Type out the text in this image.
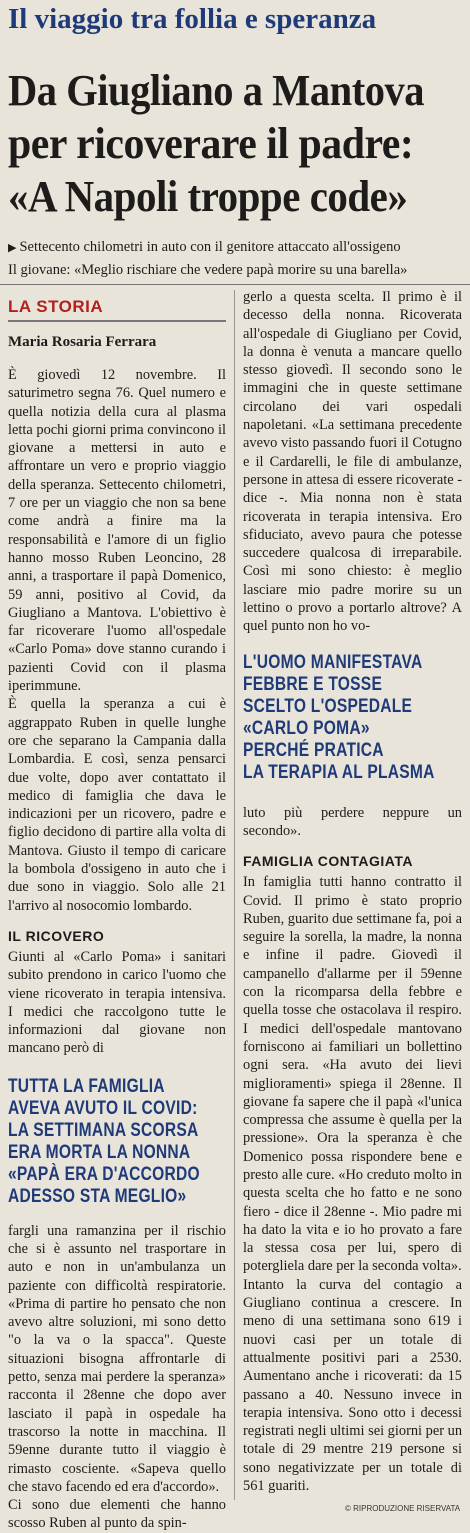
Il viaggio tra follia e speranza
Da Giugliano a Mantova
per ricoverare il padre:
«A Napoli troppe code»
▶ Settecento chilometri in auto con il genitore attaccato all'ossigeno
Il giovane: «Meglio rischiare che vedere papà morire su una barella»
LA STORIA
Maria Rosaria Ferrara

È giovedì 12 novembre. Il saturimetro segna 76. Quel numero e quella notizia della cura al plasma letta pochi giorni prima convincono il giovane a mettersi in auto e affrontare un vero e proprio viaggio della speranza. Settecento chilometri, 7 ore per un viaggio che non sa bene come andrà a finire ma la responsabilità e l'amore di un figlio hanno mosso Ruben Leoncino, 28 anni, a trasportare il papà Domenico, 59 anni, positivo al Covid, da Giugliano a Mantova. L'obiettivo è far ricoverare l'uomo all'ospedale «Carlo Poma» dove stanno curando i pazienti Covid con il plasma iperimmune.

È quella la speranza a cui è aggrappato Ruben in quelle lunghe ore che separano la Campania dalla Lombardia. E così, senza pensarci due volte, dopo aver contattato il medico di famiglia che dava le indicazioni per un ricovero, padre e figlio decidono di partire alla volta di Mantova. Giusto il tempo di caricare la bombola d'ossigeno in auto che i due sono in viaggio. Solo alle 21 l'arrivo al nosocomio lombardo.

IL RICOVERO

Giunti al «Carlo Poma» i sanitari subito prendono in carico l'uomo che viene ricoverato in terapia intensiva. I medici che raccolgono tutte le informazioni dal giovane non mancano però di

TUTTA LA FAMIGLIA
AVEVA AVUTO IL COVID:
LA SETTIMANA SCORSA
ERA MORTA LA NONNA
«PAPÀ ERA D'ACCORDO
ADESSO STA MEGLIO»

fargli una ramanzina per il rischio che si è assunto nel trasportare in auto e non in un'ambulanza un paziente con difficoltà respiratorie. «Prima di partire ho pensato che non avevo altre soluzioni, mi sono detto "o la va o la spacca". Queste situazioni bisogna affrontarle di petto, senza mai perdere la speranza» racconta il 28enne che dopo aver lasciato il papà in ospedale ha trascorso la notte in macchina. Il 59enne durante tutto il viaggio è rimasto cosciente. «Sapeva quello che stavo facendo ed era d'accordo».

Ci sono due elementi che hanno scosso Ruben al punto da spin-

gerlo a questa scelta. Il primo è il decesso della nonna. Ricoverata all'ospedale di Giugliano per Covid, la donna è venuta a mancare quello stesso giovedì. Il secondo sono le immagini che in queste settimane circolano dei vari ospedali napoletani. «La settimana precedente avevo visto passando fuori il Cotugno e il Cardarelli, le file di ambulanze, persone in attesa di essere ricoverate - dice -. Mia nonna non è stata ricoverata in terapia intensiva. Ero sfiduciato, avevo paura che potesse succedere qualcosa di irreparabile. Così mi sono chiesto: è meglio lasciare mio padre morire su un lettino o provo a portarlo altrove? A quel punto non ho vo-

L'UOMO MANIFESTAVA
FEBBRE E TOSSE
SCELTO L'OSPEDALE
«CARLO POMA»
PERCHÉ PRATICA
LA TERAPIA AL PLASMA

luto più perdere neppure un secondo».

FAMIGLIA CONTAGIATA

In famiglia tutti hanno contratto il Covid. Il primo è stato proprio Ruben, guarito due settimane fa, poi a seguire la sorella, la madre, la nonna e infine il padre. Giovedì il campanello d'allarme per il 59enne con la ricomparsa della febbre e quella tosse che ostacolava il respiro. I medici dell'ospedale mantovano forniscono ai familiari un bollettino ogni sera. «Ha avuto dei lievi miglioramenti» spiega il 28enne. Il giovane fa sapere che il papà «l'unica compressa che assume è quella per la pressione». Ora la speranza è che Domenico possa rispondere bene e presto alle cure. «Ho creduto molto in questa scelta che ho fatto e ne sono fiero - dice il 28enne -. Mio padre mi ha dato la vita e io ho provato a fare la stessa cosa per lui, spero di potergliela dare per la seconda volta».

Intanto la curva del contagio a Giugliano continua a crescere. In meno di una settimana sono 619 i nuovi casi per un totale di attualmente positivi pari a 2530. Aumentano anche i ricoverati: da 15 passano a 40. Nessuno invece in terapia intensiva. Sono otto i decessi registrati negli ultimi sei giorni per un totale di 29 mentre 219 persone si sono negativizzate per un totale di 561 guariti.

© RIPRODUZIONE RISERVATA
